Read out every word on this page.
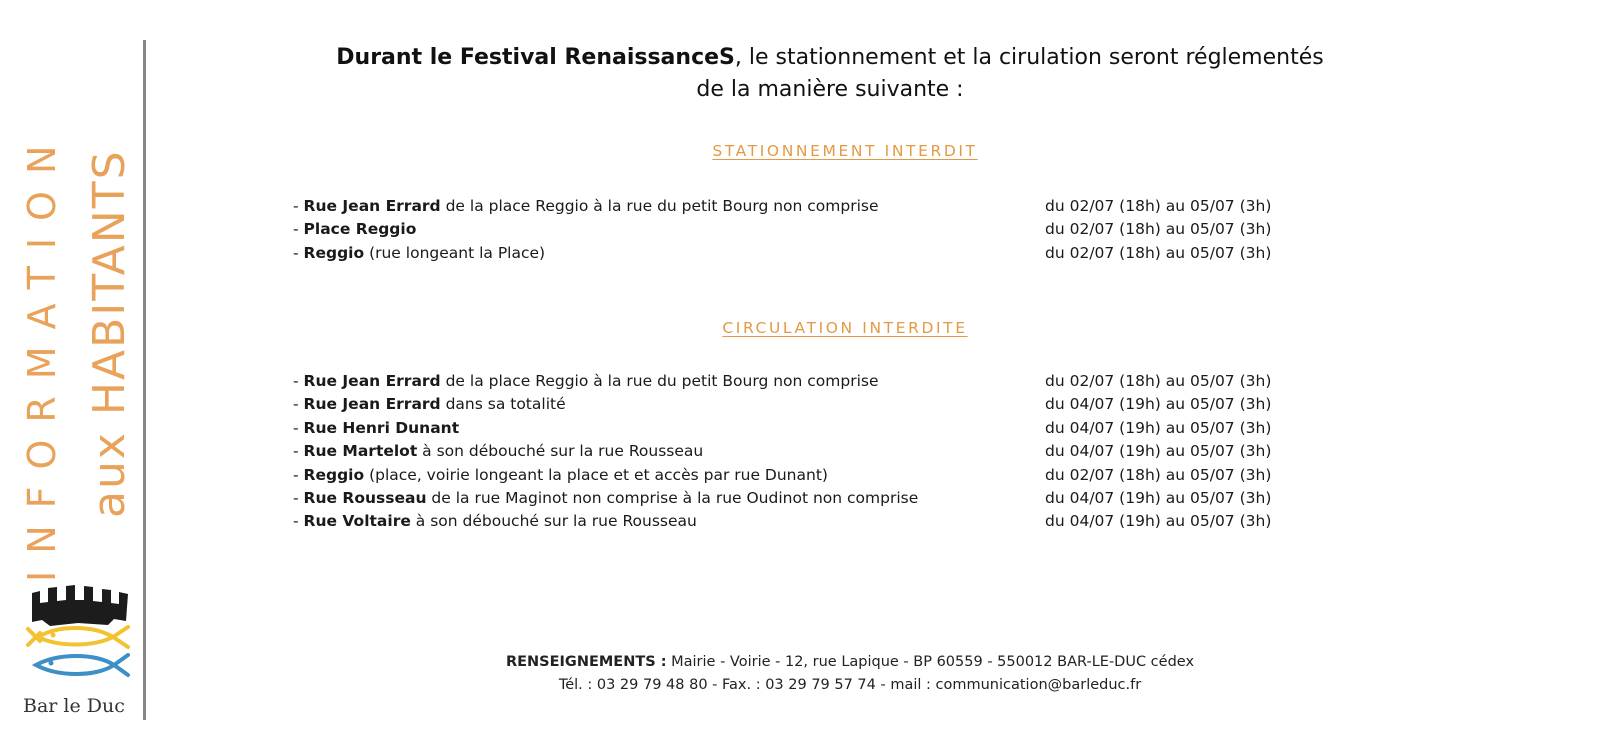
INFORMATION aux HABITANTS
Bar le Duc
Durant le Festival RenaissanceS, le stationnement et la cirulation seront réglementés
de la manière suivante :
STATIONNEMENT INTERDIT
- Rue Jean Errard de la place Reggio à la rue du petit Bourg non comprise	du 02/07 (18h) au 05/07 (3h)
- Place Reggio	du 02/07 (18h) au 05/07 (3h)
- Reggio (rue longeant la Place)	du 02/07 (18h) au 05/07 (3h)
CIRCULATION INTERDITE
- Rue Jean Errard de la place Reggio à la rue du petit Bourg non comprise	du 02/07 (18h) au 05/07 (3h)
- Rue Jean Errard dans sa totalité	du 04/07 (19h) au 05/07 (3h)
- Rue Henri Dunant	du 04/07 (19h) au 05/07 (3h)
- Rue Martelot à son débouché sur la rue Rousseau	du 04/07 (19h) au 05/07 (3h)
- Reggio (place, voirie longeant la place et et accès par rue Dunant)	du 02/07 (18h) au 05/07 (3h)
- Rue Rousseau de la rue Maginot non comprise à la rue Oudinot non comprise	du 04/07 (19h) au 05/07 (3h)
- Rue Voltaire à son débouché sur la rue Rousseau	du 04/07 (19h) au 05/07 (3h)
RENSEIGNEMENTS : Mairie - Voirie - 12, rue Lapique - BP 60559 - 550012 BAR-LE-DUC cédex
Tél. : 03 29 79 48 80 - Fax. : 03 29 79 57 74 - mail : communication@barleduc.fr
